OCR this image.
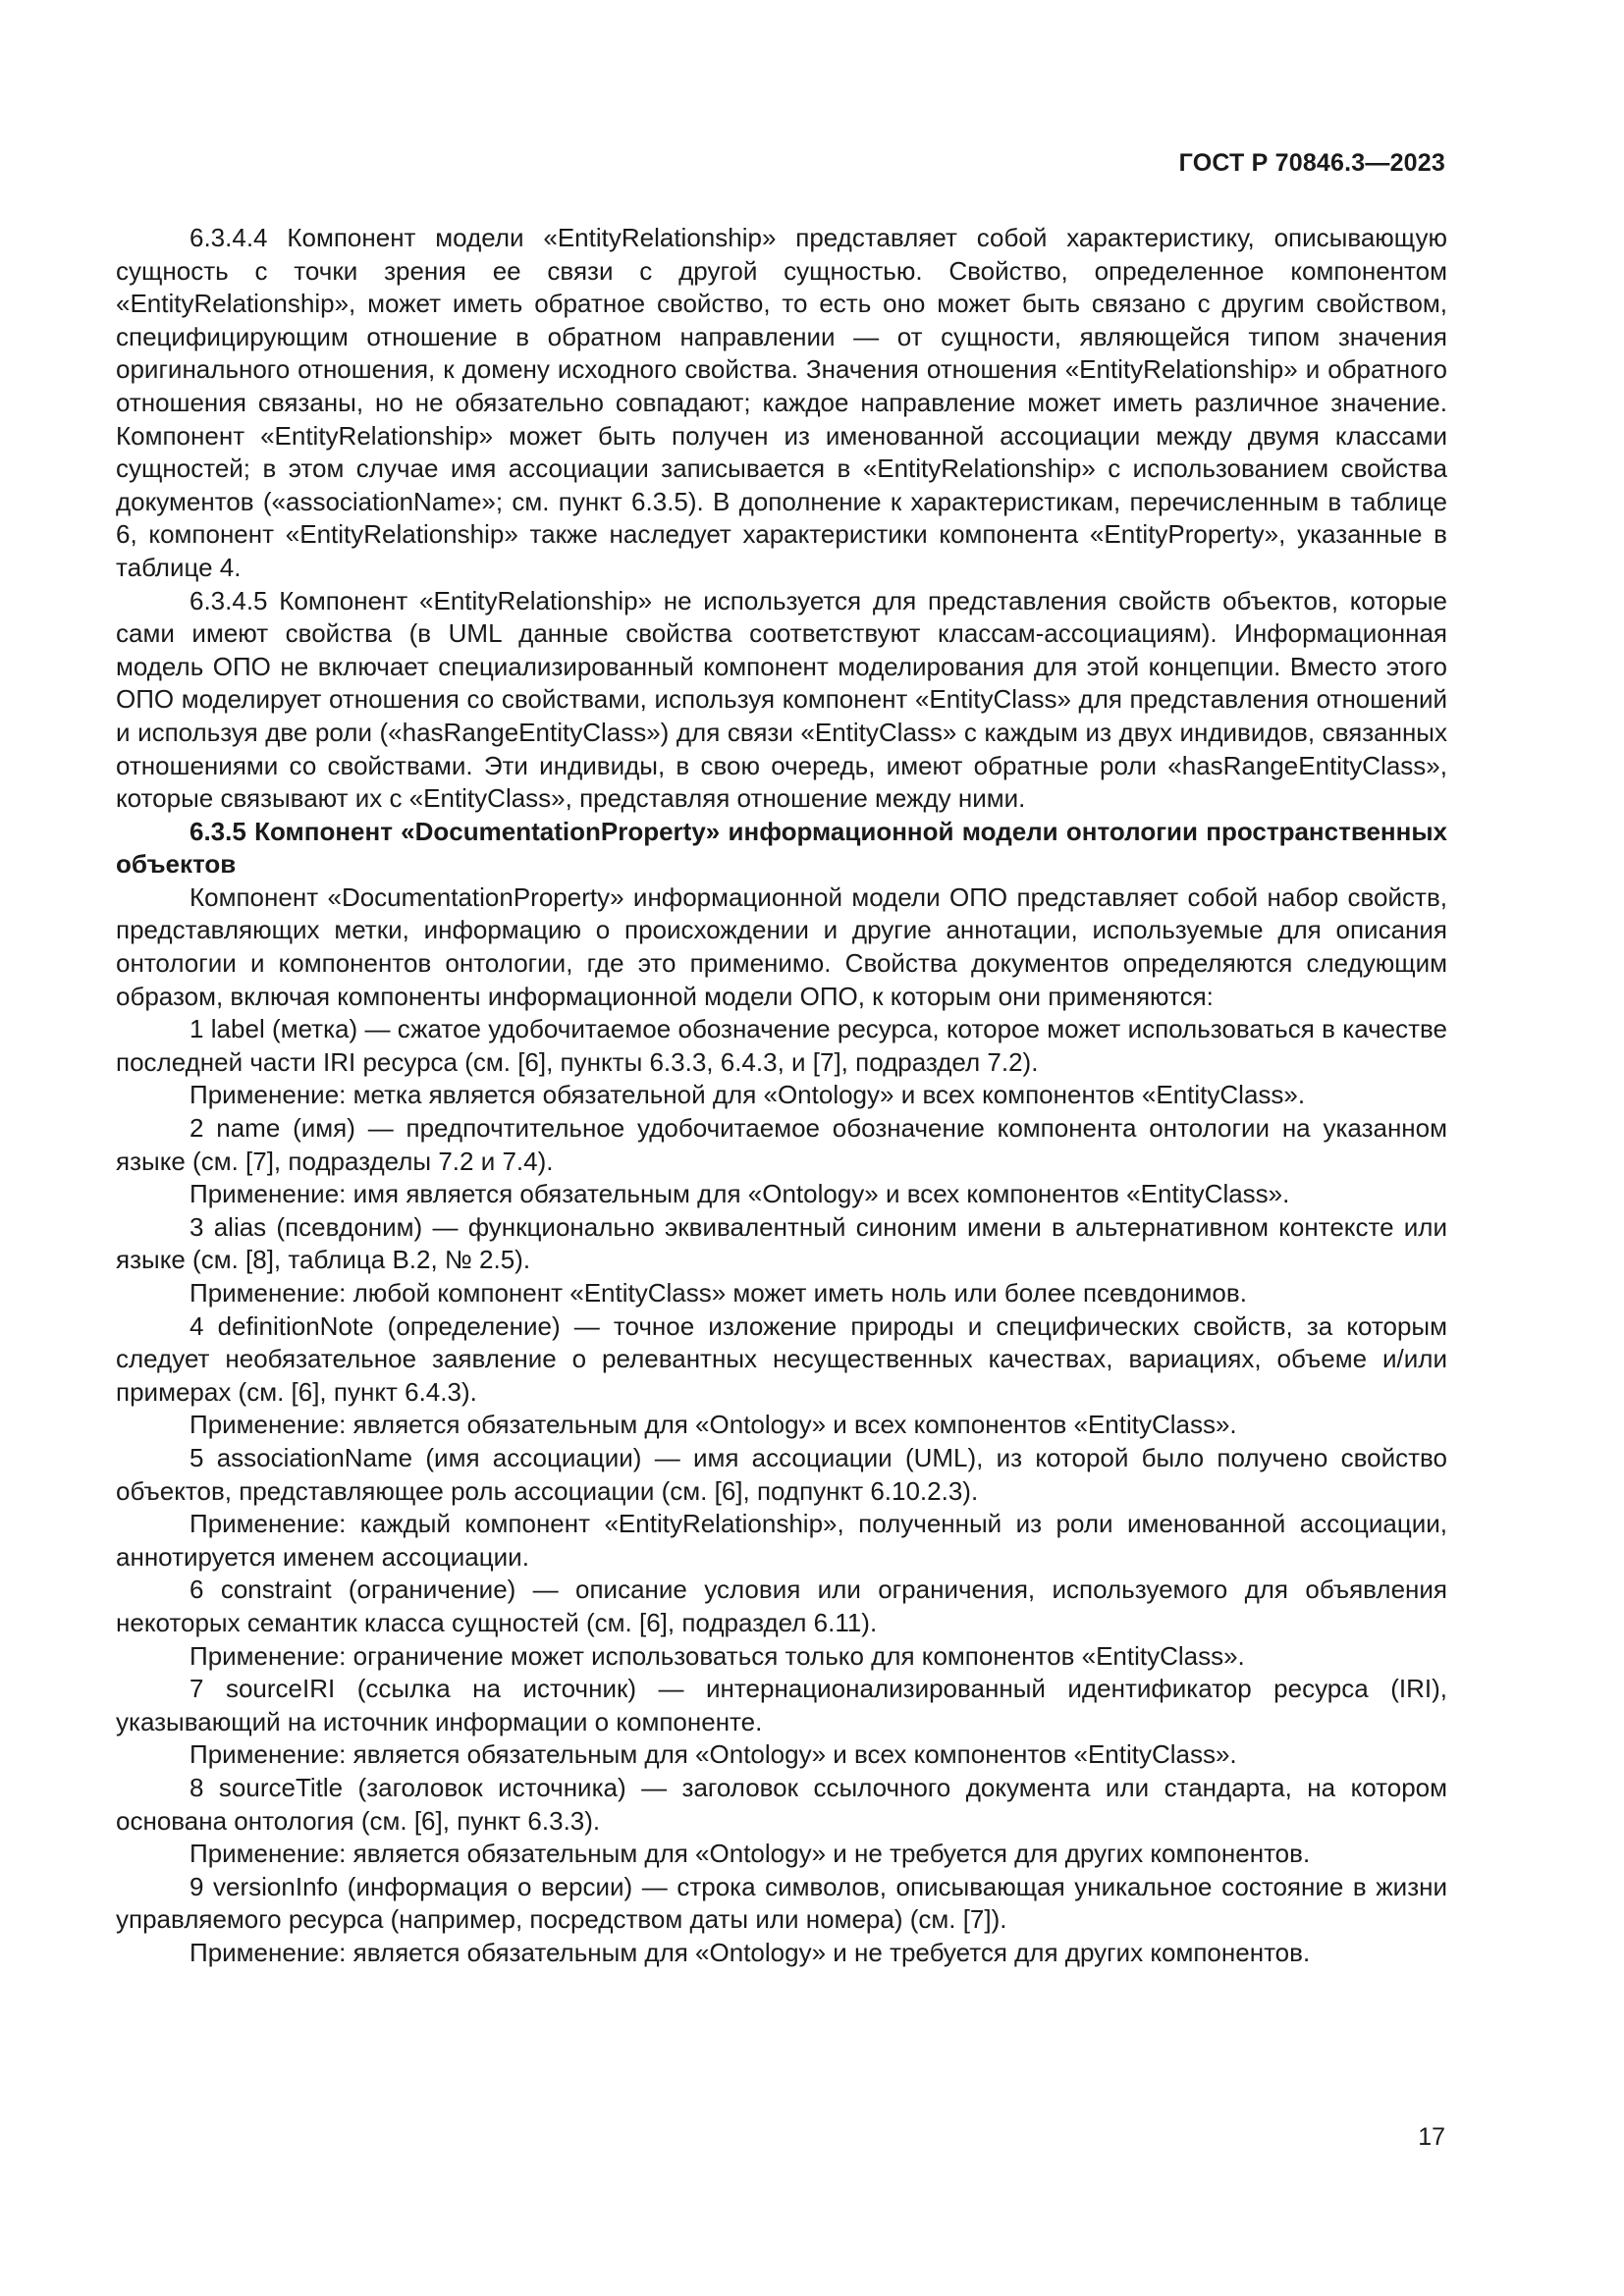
ГОСТ Р 70846.3—2023

6.3.4.4 Компонент модели «EntityRelationship» представляет собой характеристику, описывающую сущность с точки зрения ее связи с другой сущностью. Свойство, определенное компонентом «EntityRelationship», может иметь обратное свойство, то есть оно может быть связано с другим свойством, специфицирующим отношение в обратном направлении — от сущности, являющейся типом значения оригинального отношения, к домену исходного свойства. Значения отношения «EntityRelationship» и обратного отношения связаны, но не обязательно совпадают; каждое направление может иметь различное значение. Компонент «EntityRelationship» может быть получен из именованной ассоциации между двумя классами сущностей; в этом случае имя ассоциации записывается в «EntityRelationship» с использованием свойства документов («associationName»; см. пункт 6.3.5). В дополнение к характеристикам, перечисленным в таблице 6, компонент «EntityRelationship» также наследует характеристики компонента «EntityProperty», указанные в таблице 4.

6.3.4.5 Компонент «EntityRelationship» не используется для представления свойств объектов, которые сами имеют свойства (в UML данные свойства соответствуют классам-ассоциациям). Информационная модель ОПО не включает специализированный компонент моделирования для этой концепции. Вместо этого ОПО моделирует отношения со свойствами, используя компонент «EntityClass» для представления отношений и используя две роли («hasRangeEntityClass») для связи «EntityClass» с каждым из двух индивидов, связанных отношениями со свойствами. Эти индивиды, в свою очередь, имеют обратные роли «hasRangeEntityClass», которые связывают их с «EntityClass», представляя отношение между ними.

6.3.5 Компонент «DocumentationProperty» информационной модели онтологии пространственных объектов

Компонент «DocumentationProperty» информационной модели ОПО представляет собой набор свойств, представляющих метки, информацию о происхождении и другие аннотации, используемые для описания онтологии и компонентов онтологии, где это применимо. Свойства документов определяются следующим образом, включая компоненты информационной модели ОПО, к которым они применяются:

1 label (метка) — сжатое удобочитаемое обозначение ресурса, которое может использоваться в качестве последней части IRI ресурса (см. [6], пункты 6.3.3, 6.4.3, и [7], подраздел 7.2).

Применение: метка является обязательной для «Ontology» и всех компонентов «EntityClass».

2 name (имя) — предпочтительное удобочитаемое обозначение компонента онтологии на указанном языке (см. [7], подразделы 7.2 и 7.4).

Применение: имя является обязательным для «Ontology» и всех компонентов «EntityClass».

3 alias (псевдоним) — функционально эквивалентный синоним имени в альтернативном контексте или языке (см. [8], таблица B.2, № 2.5).

Применение: любой компонент «EntityClass» может иметь ноль или более псевдонимов.

4 definitionNote (определение) — точное изложение природы и специфических свойств, за которым следует необязательное заявление о релевантных несущественных качествах, вариациях, объеме и/или примерах (см. [6], пункт 6.4.3).

Применение: является обязательным для «Ontology» и всех компонентов «EntityClass».

5 associationName (имя ассоциации) — имя ассоциации (UML), из которой было получено свойство объектов, представляющее роль ассоциации (см. [6], подпункт 6.10.2.3).

Применение: каждый компонент «EntityRelationship», полученный из роли именованной ассоциации, аннотируется именем ассоциации.

6 constraint (ограничение) — описание условия или ограничения, используемого для объявления некоторых семантик класса сущностей (см. [6], подраздел 6.11).

Применение: ограничение может использоваться только для компонентов «EntityClass».

7 sourceIRI (ссылка на источник) — интернационализированный идентификатор ресурса (IRI), указывающий на источник информации о компоненте.

Применение: является обязательным для «Ontology» и всех компонентов «EntityClass».

8 sourceTitle (заголовок источника) — заголовок ссылочного документа или стандарта, на котором основана онтология (см. [6], пункт 6.3.3).

Применение: является обязательным для «Ontology» и не требуется для других компонентов.

9 versionInfo (информация о версии) — строка символов, описывающая уникальное состояние в жизни управляемого ресурса (например, посредством даты или номера) (см. [7]).

Применение: является обязательным для «Ontology» и не требуется для других компонентов.

17
